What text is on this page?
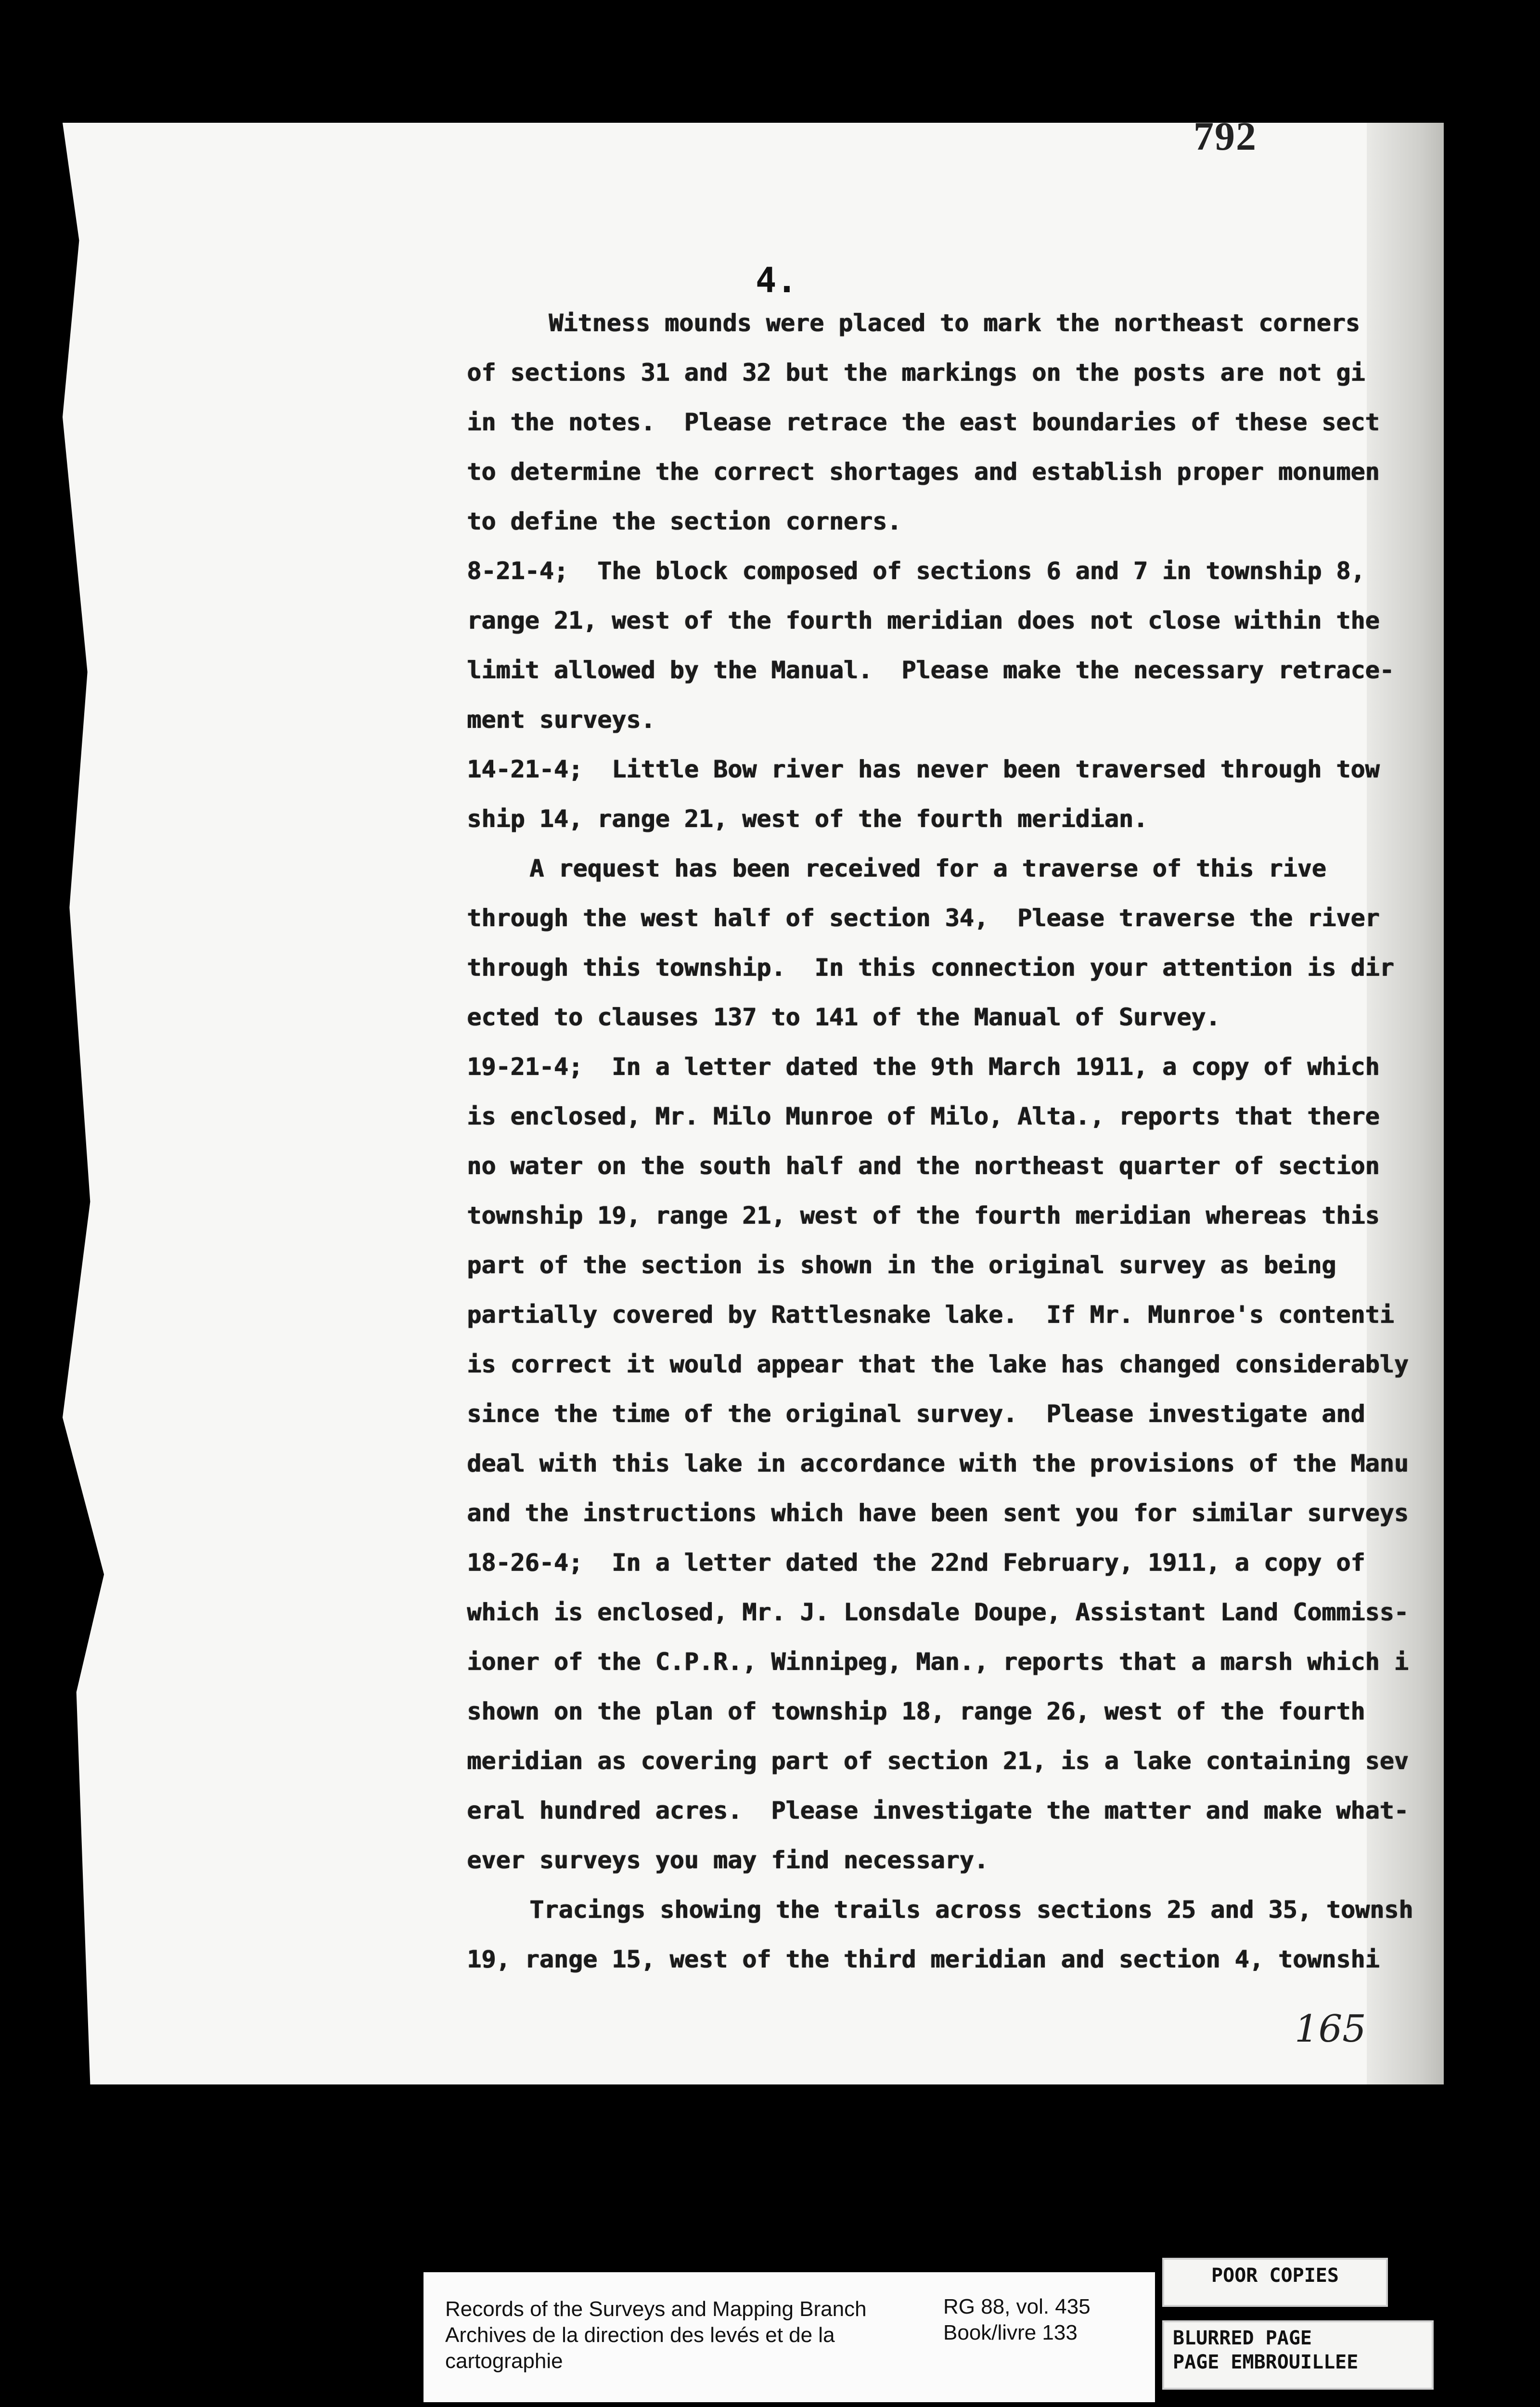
792
4.
Witness mounds were placed to mark the northeast corners
of sections 31 and 32 but the markings on the posts are not gi
in the notes.  Please retrace the east boundaries of these sect
to determine the correct shortages and establish proper monumen
to define the section corners.
8-21-4;  The block composed of sections 6 and 7 in township 8,
range 21, west of the fourth meridian does not close within the
limit allowed by the Manual.  Please make the necessary retrace-
ment surveys.
14-21-4;  Little Bow river has never been traversed through tow
ship 14, range 21, west of the fourth meridian.
A request has been received for a traverse of this rive
through the west half of section 34,  Please traverse the river
through this township.  In this connection your attention is dir
ected to clauses 137 to 141 of the Manual of Survey.
19-21-4;  In a letter dated the 9th March 1911, a copy of which
is enclosed, Mr. Milo Munroe of Milo, Alta., reports that there
no water on the south half and the northeast quarter of section
township 19, range 21, west of the fourth meridian whereas this
part of the section is shown in the original survey as being
partially covered by Rattlesnake lake.  If Mr. Munroe's contenti
is correct it would appear that the lake has changed considerably
since the time of the original survey.  Please investigate and
deal with this lake in accordance with the provisions of the Manu
and the instructions which have been sent you for similar surveys
18-26-4;  In a letter dated the 22nd February, 1911, a copy of
which is enclosed, Mr. J. Lonsdale Doupe, Assistant Land Commiss-
ioner of the C.P.R., Winnipeg, Man., reports that a marsh which i
shown on the plan of township 18, range 26, west of the fourth
meridian as covering part of section 21, is a lake containing sev
eral hundred acres.  Please investigate the matter and make what-
ever surveys you may find necessary.
Tracings showing the trails across sections 25 and 35, townsh
19, range 15, west of the third meridian and section 4, townshi
165
Records of the Surveys and Mapping Branch
Archives de la direction des levés et de la
cartographie
RG 88, vol. 435
Book/livre 133
POOR COPIES
BLURRED PAGE
PAGE EMBROUILLEE
